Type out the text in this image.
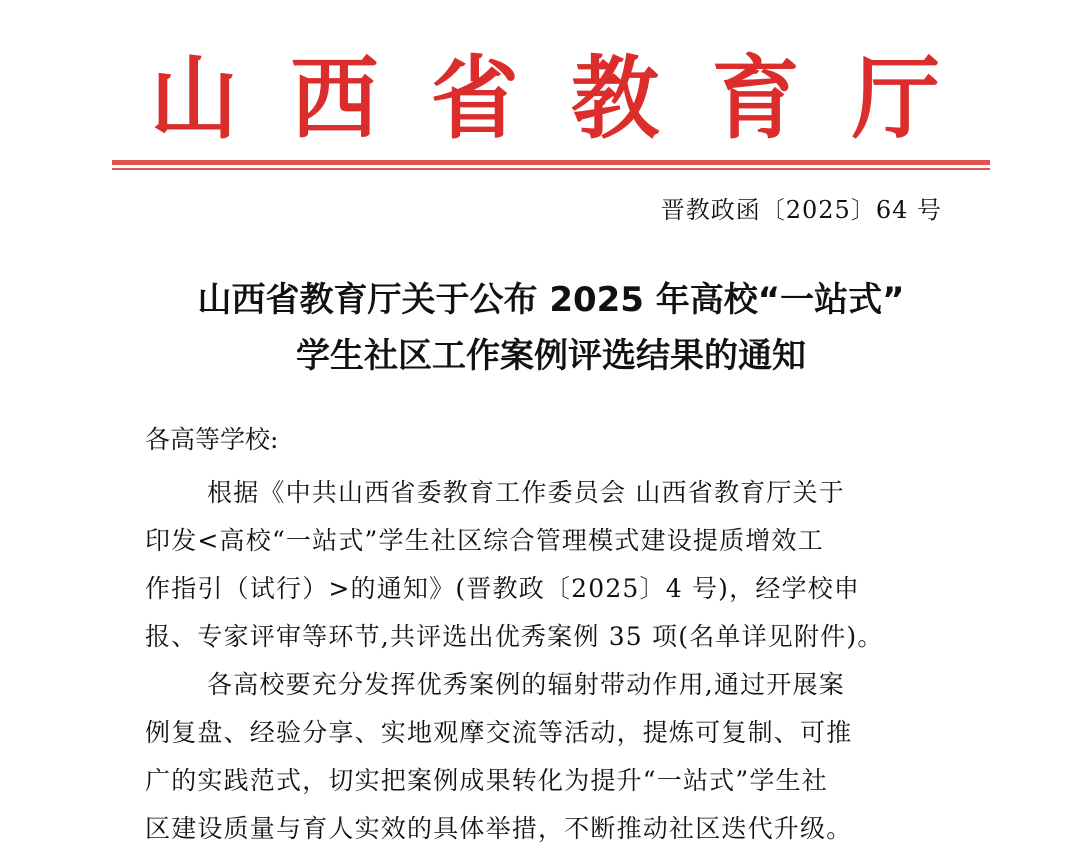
山 西 省 教 育 厅
晋教政函〔2025〕64 号
山西省教育厅关于公布 2025 年高校“一站式”
学生社区工作案例评选结果的通知
各高等学校:
根据《中共山西省委教育工作委员会 山西省教育厅关于
印发<高校“一站式”学生社区综合管理模式建设提质增效工
作指引（试行）>的通知》(晋教政〔2025〕4 号)，经学校申
报、专家评审等环节,共评选出优秀案例 35 项(名单详见附件)。
各高校要充分发挥优秀案例的辐射带动作用,通过开展案
例复盘、经验分享、实地观摩交流等活动，提炼可复制、可推
广的实践范式，切实把案例成果转化为提升“一站式”学生社
区建设质量与育人实效的具体举措，不断推动社区迭代升级。
